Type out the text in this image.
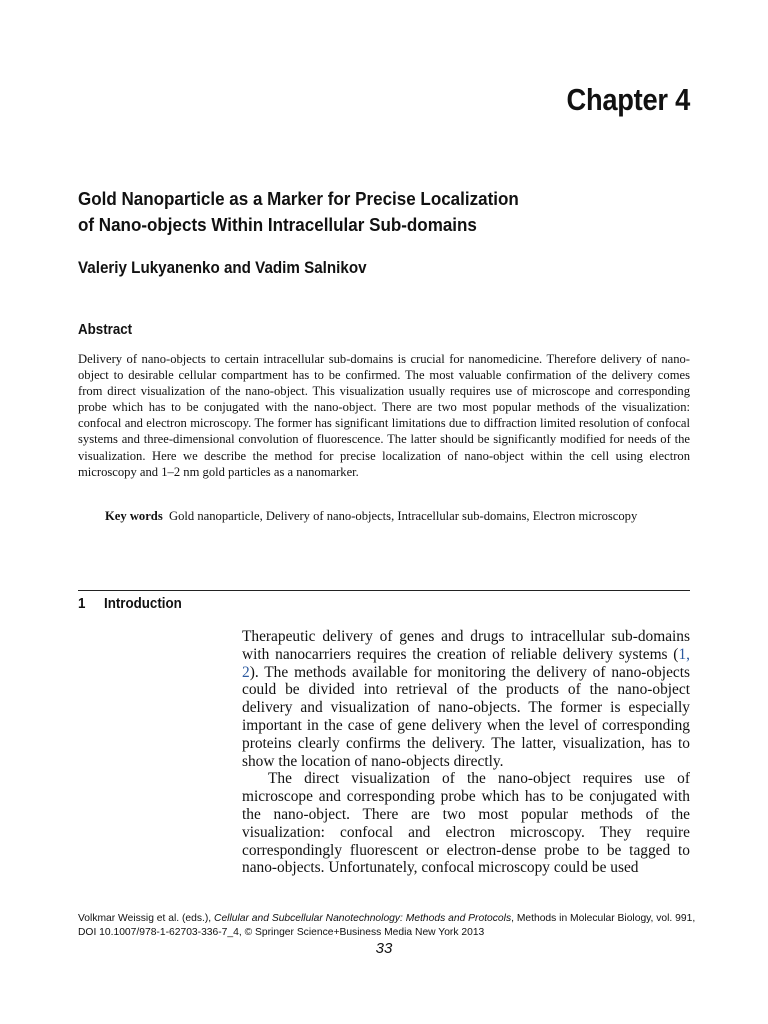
Chapter 4
Gold Nanoparticle as a Marker for Precise Localization
of Nano-objects Within Intracellular Sub-domains
Valeriy Lukyanenko and Vadim Salnikov
Abstract
Delivery of nano-objects to certain intracellular sub-domains is crucial for nanomedicine. Therefore delivery of nano-object to desirable cellular compartment has to be confirmed. The most valuable confirmation of the delivery comes from direct visualization of the nano-object. This visualization usually requires use of microscope and corresponding probe which has to be conjugated with the nano-object. There are two most popular methods of the visualization: confocal and electron microscopy. The former has significant limitations due to diffraction limited resolution of confocal systems and three-dimensional convolution of fluorescence. The latter should be significantly modified for needs of the visualization. Here we describe the method for precise localization of nano-object within the cell using electron microscopy and 1–2 nm gold particles as a nanomarker.
Key words Gold nanoparticle, Delivery of nano-objects, Intracellular sub-domains, Electron microscopy
1 Introduction

Therapeutic delivery of genes and drugs to intracellular sub-domains with nanocarriers requires the creation of reliable delivery systems (1, 2). The methods available for monitoring the delivery of nano-objects could be divided into retrieval of the products of the nano-object delivery and visualization of nano-objects. The former is especially important in the case of gene delivery when the level of corresponding proteins clearly confirms the delivery. The latter, visualization, has to show the location of nano-objects directly.

The direct visualization of the nano-object requires use of microscope and corresponding probe which has to be conjugated with the nano-object. There are two most popular methods of the visualization: confocal and electron microscopy. They require correspondingly fluorescent or electron-dense probe to be tagged to nano-objects. Unfortunately, confocal microscopy could be used

Volkmar Weissig et al. (eds.), Cellular and Subcellular Nanotechnology: Methods and Protocols, Methods in Molecular Biology, vol. 991, DOI 10.1007/978-1-62703-336-7_4, © Springer Science+Business Media New York 2013
33
